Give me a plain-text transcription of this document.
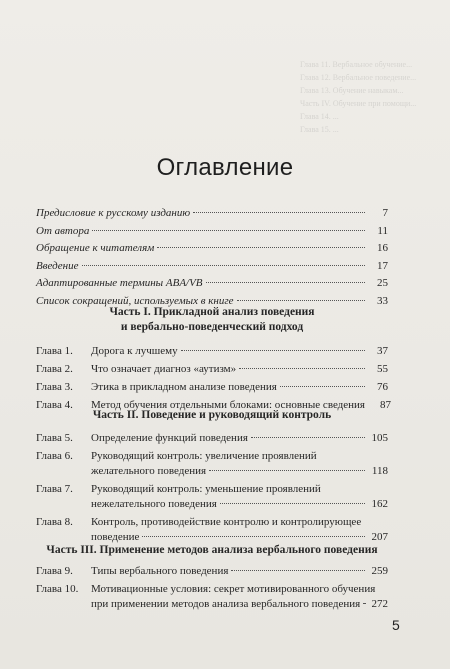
Глава 11. Вербальное обучение...
Глава 12. Вербальное поведение...
Глава 13. Обучение навыкам...
Часть IV. Обучение при помощи...
Глава 14. ...
Глава 15. ...
Оглавление
Предисловие к русскому изданию	7
От автора	11
Обращение к читателям	16
Введение	17
Адаптированные термины ABA/VB	25
Список сокращений, используемых в книге	33
Часть I. Прикладной анализ поведения
и вербально-поведенческий подход
Глава 1.	Дорога к лучшему	37
Глава 2.	Что означает диагноз «аутизм»	55
Глава 3.	Этика в прикладном анализе поведения	76
Глава 4.	Метод обучения отдельными блоками: основные сведения	87
Часть II. Поведение и руководящий контроль
Глава 5.	Определение функций поведения	105
Глава 6.	Руководящий контроль: увеличение проявлений
желательного поведения	118
Глава 7.	Руководящий контроль: уменьшение проявлений
нежелательного поведения	162
Глава 8.	Контроль, противодействие контролю и контролирующее
поведение	207
Часть III. Применение методов анализа вербального поведения
Глава 9.	Типы вербального поведения	259
Глава 10.	Мотивационные условия: секрет мотивированного обучения
при применении методов анализа вербального поведения	272
5
